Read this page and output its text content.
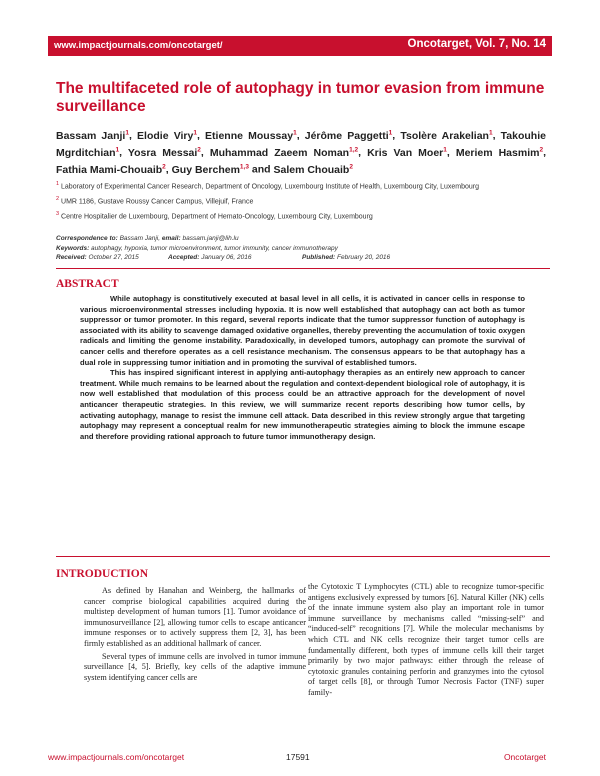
www.impactjournals.com/oncotarget/	Oncotarget, Vol. 7, No. 14
The multifaceted role of autophagy in tumor evasion from immune surveillance
Bassam Janji$^1$, Elodie Viry$^1$, Etienne Moussay$^1$, Jérôme Paggetti$^1$, Tsolère Arakelian$^1$, Takouhie Mgrditchian$^1$, Yosra Messai$^2$, Muhammad Zaeem Noman$^{1,2}$, Kris Van Moer$^1$, Meriem Hasmim$^2$, Fathia Mami-Chouaib$^2$, Guy Berchem$^{1,3}$ and Salem Chouaib$^2$
$^1$ Laboratory of Experimental Cancer Research, Department of Oncology, Luxembourg Institute of Health, Luxembourg City, Luxembourg
$^2$ UMR 1186, Gustave Roussy Cancer Campus, Villejuif, France
$^3$ Centre Hospitalier de Luxembourg, Department of Hemato-Oncology, Luxembourg City, Luxembourg
Correspondence to: Bassam Janji, email: bassam.janji@lih.lu
Keywords: autophagy, hypoxia, tumor microenvironment, tumor immunity, cancer immunotherapy
Received: October 27, 2015	Accepted: January 06, 2016	Published: February 20, 2016
ABSTRACT

While autophagy is constitutively executed at basal level in all cells, it is activated in cancer cells in response to various microenvironmental stresses including hypoxia. It is now well established that autophagy can act both as tumor suppressor or tumor promoter. In this regard, several reports indicate that the tumor suppressor function of autophagy is associated with its ability to scavenge damaged oxidative organelles, thereby preventing the accumulation of toxic oxygen radicals and limiting the genome instability. Paradoxically, in developed tumors, autophagy can promote the survival of cancer cells and therefore operates as a cell resistance mechanism. The consensus appears to be that autophagy has a dual role in suppressing tumor initiation and in promoting the survival of established tumors.

This has inspired significant interest in applying anti-autophagy therapies as an entirely new approach to cancer treatment. While much remains to be learned about the regulation and context-dependent biological role of autophagy, it is now well established that modulation of this process could be an attractive approach for the development of novel anticancer therapeutic strategies. In this review, we will summarize recent reports describing how tumor cells, by activating autophagy, manage to resist the immune cell attack. Data described in this review strongly argue that targeting autophagy may represent a conceptual realm for new immunotherapeutic strategies aiming to block the immune escape and therefore providing rational approach to future tumor immunotherapy design.

INTRODUCTION

As defined by Hanahan and Weinberg, the hallmarks of cancer comprise biological capabilities acquired during the multistep development of human tumors [1]. Tumor avoidance of immunosurveillance [2], allowing tumor cells to escape anticancer immune responses or to actively suppress them [2, 3], has been firmly established as an additional hallmark of cancer.

Several types of immune cells are involved in tumor immune surveillance [4, 5]. Briefly, key cells of the adaptive immune system identifying cancer cells are

the Cytotoxic T Lymphocytes (CTL) able to recognize tumor-specific antigens exclusively expressed by tumors [6]. Natural Killer (NK) cells of the innate immune system also play an important role in tumor immune surveillance by mechanisms called “missing-self” and “induced-self” recognitions [7]. While the molecular mechanisms by which CTL and NK cells recognize their target tumor cells are fundamentally different, both types of immune cells kill their target primarily by two major pathways: either through the release of cytotoxic granules containing perforin and granzymes into the cytosol of target cells [8], or through Tumor Necrosis Factor (TNF) super family-

www.impactjournals.com/oncotarget	17591	Oncotarget
